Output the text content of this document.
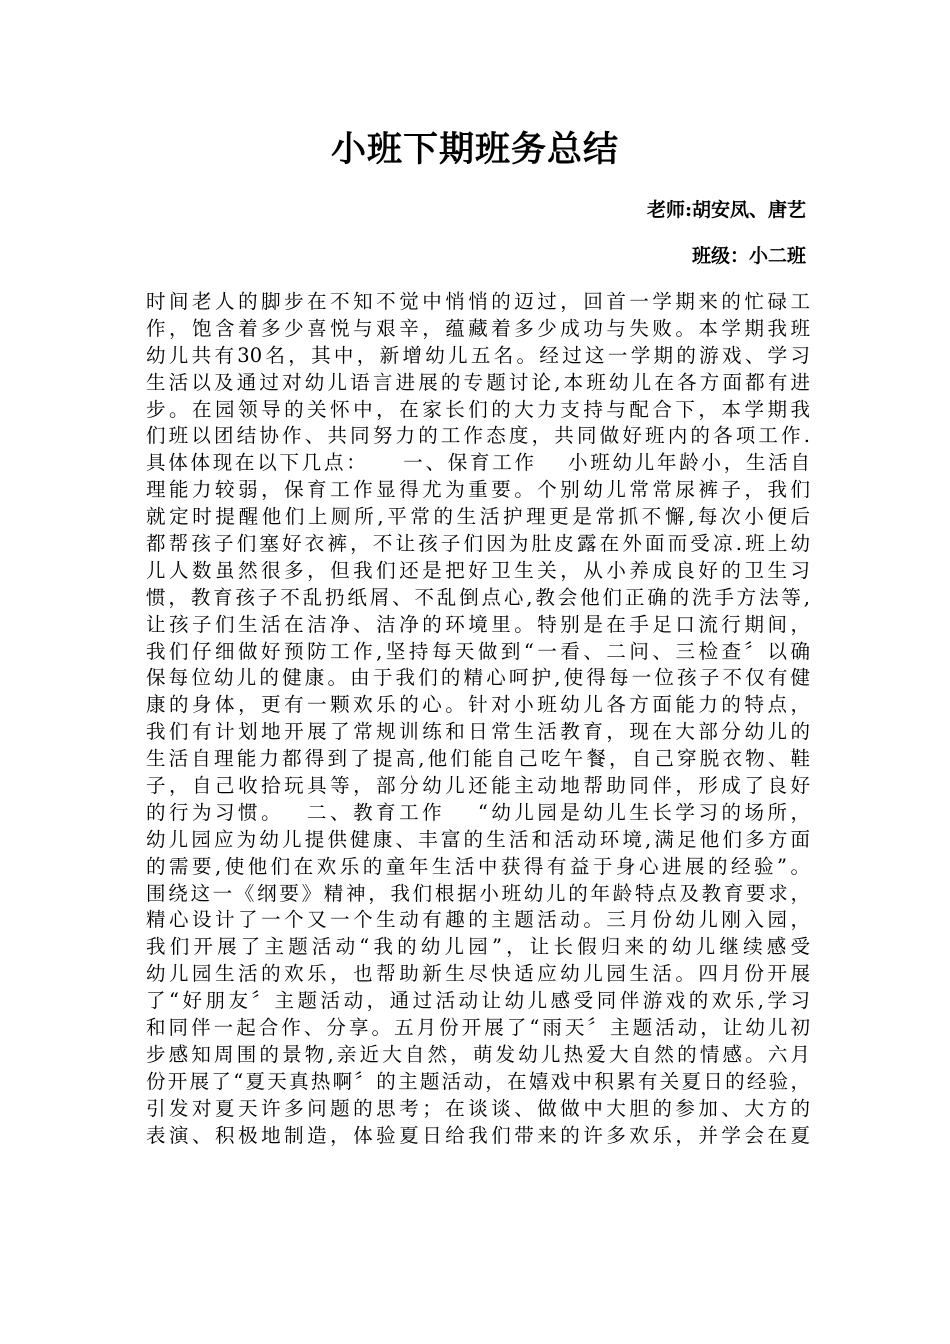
小班下期班务总结

老师:胡安凤、唐艺

班级：小二班

时间老人的脚步在不知不觉中悄悄的迈过，回首一学期来的忙碌工
作，饱含着多少喜悦与艰辛，蕴藏着多少成功与失败。本学期我班
幼儿共有30名，其中，新增幼儿五名。经过这一学期的游戏、学习
生活以及通过对幼儿语言进展的专题讨论,本班幼儿在各方面都有进
步。在园领导的关怀中，在家长们的大力支持与配合下，本学期我
们班以团结协作、共同努力的工作态度，共同做好班内的各项工作.
具体体现在以下几点：　　一、保育工作　 小班幼儿年龄小，生活自
理能力较弱，保育工作显得尤为重要。个别幼儿常常尿裤子，我们
就定时提醒他们上厕所,平常的生活护理更是常抓不懈,每次小便后
都帮孩子们塞好衣裤，不让孩子们因为肚皮露在外面而受凉.班上幼
儿人数虽然很多，但我们还是把好卫生关，从小养成良好的卫生习
惯，教育孩子不乱扔纸屑、不乱倒点心,教会他们正确的洗手方法等,
让孩子们生活在洁净、洁净的环境里。特别是在手足口流行期间，
我们仔细做好预防工作,坚持每天做到“一看、二问、三检查〞以确
保每位幼儿的健康。由于我们的精心呵护,使得每一位孩子不仅有健
康的身体，更有一颗欢乐的心。针对小班幼儿各方面能力的特点，
我们有计划地开展了常规训练和日常生活教育，现在大部分幼儿的
生活自理能力都得到了提高,他们能自己吃午餐，自己穿脱衣物、鞋
子，自己收拾玩具等，部分幼儿还能主动地帮助同伴，形成了良好
的行为习惯。　 二、教育工作　 “幼儿园是幼儿生长学习的场所，
幼儿园应为幼儿提供健康、丰富的生活和活动环境,满足他们多方面
的需要,使他们在欢乐的童年生活中获得有益于身心进展的经验”。
围绕这一《纲要》精神，我们根据小班幼儿的年龄特点及教育要求，
精心设计了一个又一个生动有趣的主题活动。三月份幼儿刚入园，
我们开展了主题活动“我的幼儿园”，让长假归来的幼儿继续感受
幼儿园生活的欢乐，也帮助新生尽快适应幼儿园生活。四月份开展
了“好朋友〞主题活动，通过活动让幼儿感受同伴游戏的欢乐,学习
和同伴一起合作、分享。五月份开展了“雨天〞主题活动，让幼儿初
步感知周围的景物,亲近大自然，萌发幼儿热爱大自然的情感。六月
份开展了“夏天真热啊〞的主题活动，在嬉戏中积累有关夏日的经验，
引发对夏天许多问题的思考；在谈谈、做做中大胆的参加、大方的
表演、积极地制造，体验夏日给我们带来的许多欢乐，并学会在夏
